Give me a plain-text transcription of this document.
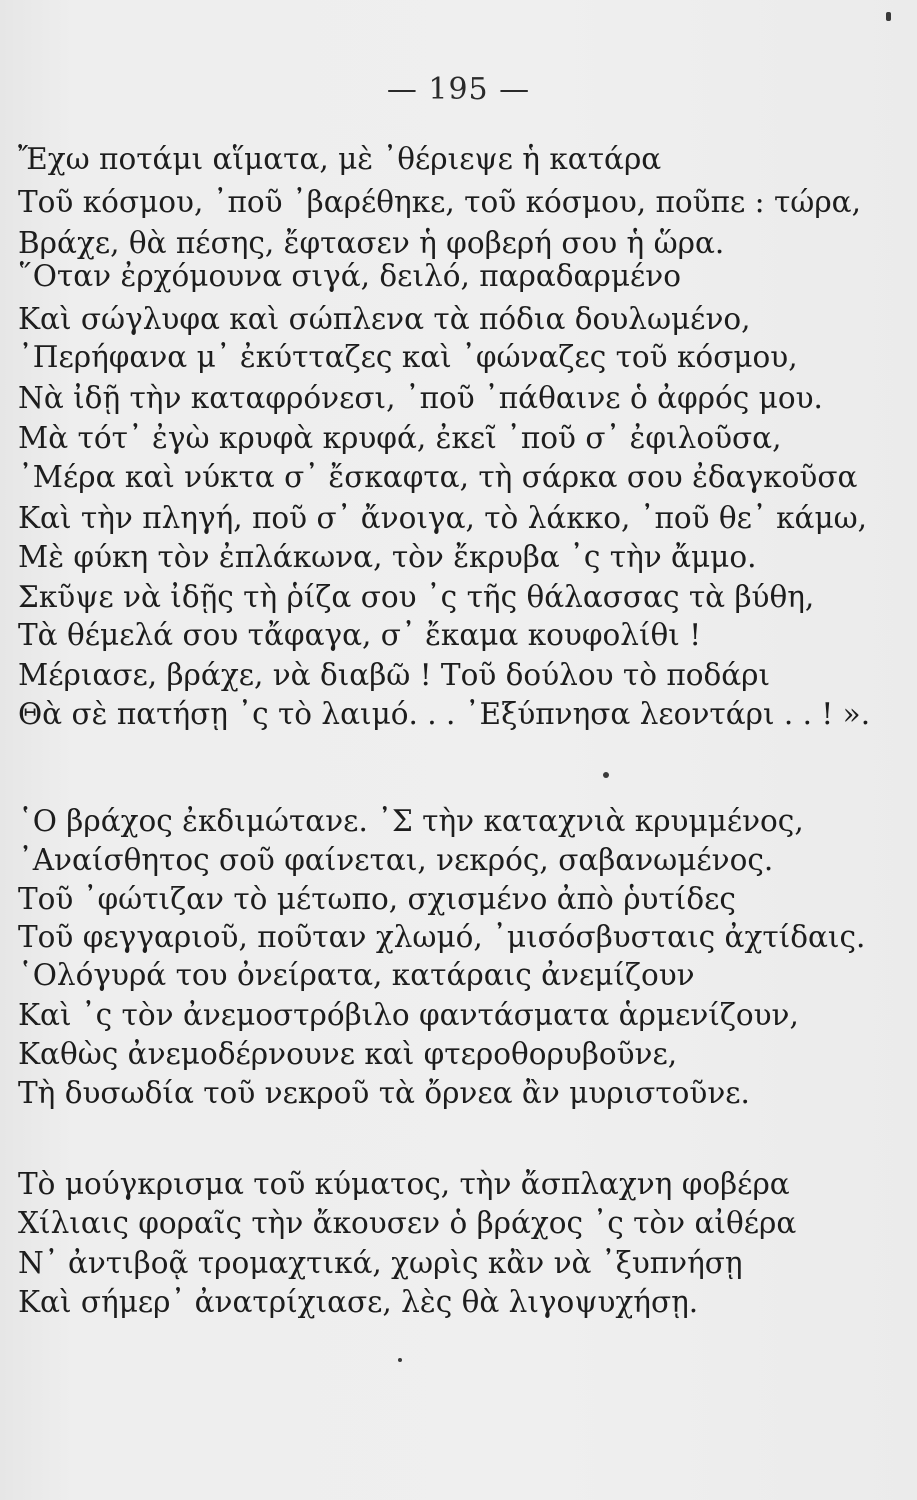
— 195 —
Ἔχω ποτάμι αἵματα, μὲ ᾿θέριεψε ἡ κατάρα
Τοῦ κόσμου, ᾿ποῦ ᾿βαρέθηκε, τοῦ κόσμου, ποῦπε : τώρα,
Βράχε, θὰ πέσης, ἔφτασεν ἡ φοβερή σου ἡ ὥρα.
῞Οταν ἐρχόμουνα σιγά, δειλό, παραδαρμένο
Καὶ σώγλυφα καὶ σώπλενα τὰ πόδια δουλωμένο,
᾿Περήφανα μ᾿ ἐκύτταζες καὶ ᾿φώναζες τοῦ κόσμου,
Νὰ ἰδῇ τὴν καταφρόνεσι, ᾿ποῦ ᾿πάθαινε ὁ ἀφρός μου.
Μὰ τότ᾿ ἐγὼ κρυφὰ κρυφά, ἐκεῖ ᾿ποῦ σ᾿ ἐφιλοῦσα,
᾿Μέρα καὶ νύκτα σ᾿ ἔσκαφτα, τὴ σάρκα σου ἐδαγκοῦσα
Καὶ τὴν πληγή, ποῦ σ᾿ ἄνοιγα, τὸ λάκκο, ᾿ποῦ θε᾿ κάμω,
Μὲ φύκη τὸν ἐπλάκωνα, τὸν ἔκρυβα ᾿ς τὴν ἄμμο.
Σκῦψε νὰ ἰδῇς τὴ ῥίζα σου ᾿ς τῆς θάλασσας τὰ βύθη,
Τὰ θέμελά σου τἄφαγα, σ᾿ ἔκαμα κουφολίθι !
Μέριασε, βράχε, νὰ διαβῶ ! Τοῦ δούλου τὸ ποδάρι
Θὰ σὲ πατήσῃ ᾿ς τὸ λαιμό. . . ᾿Εξύπνησα λεοντάρι . . ! ».
῾Ο βράχος ἐκδιμώτανε. ᾿Σ τὴν καταχνιὰ κρυμμένος,
᾿Αναίσθητος σοῦ φαίνεται, νεκρός, σαβανωμένος.
Τοῦ ᾿φώτιζαν τὸ μέτωπο, σχισμένο ἀπὸ ῥυτίδες
Τοῦ φεγγαριοῦ, ποῦταν χλωμό, ᾿μισόσβυσταις ἀχτίδαις.
῾Ολόγυρά του ὀνείρατα, κατάραις ἀνεμίζουν
Καὶ ᾿ς τὸν ἀνεμοστρόβιλο φαντάσματα ἁρμενίζουν,
Καθὼς ἀνεμοδέρνουνε καὶ φτεροθορυβοῦνε,
Τὴ δυσωδία τοῦ νεκροῦ τὰ ὄρνεα ἂν μυριστοῦνε.
Τὸ μούγκρισμα τοῦ κύματος, τὴν ἄσπλαχνη φοβέρα
Χίλιαις φοραῖς τὴν ἄκουσεν ὁ βράχος ᾿ς τὸν αἰθέρα
Ν᾿ ἀντιβοᾷ τρομαχτικά, χωρὶς κἂν νὰ ᾿ξυπνήσῃ
Καὶ σήμερ᾿ ἀνατρίχιασε, λὲς θὰ λιγοψυχήσῃ.
